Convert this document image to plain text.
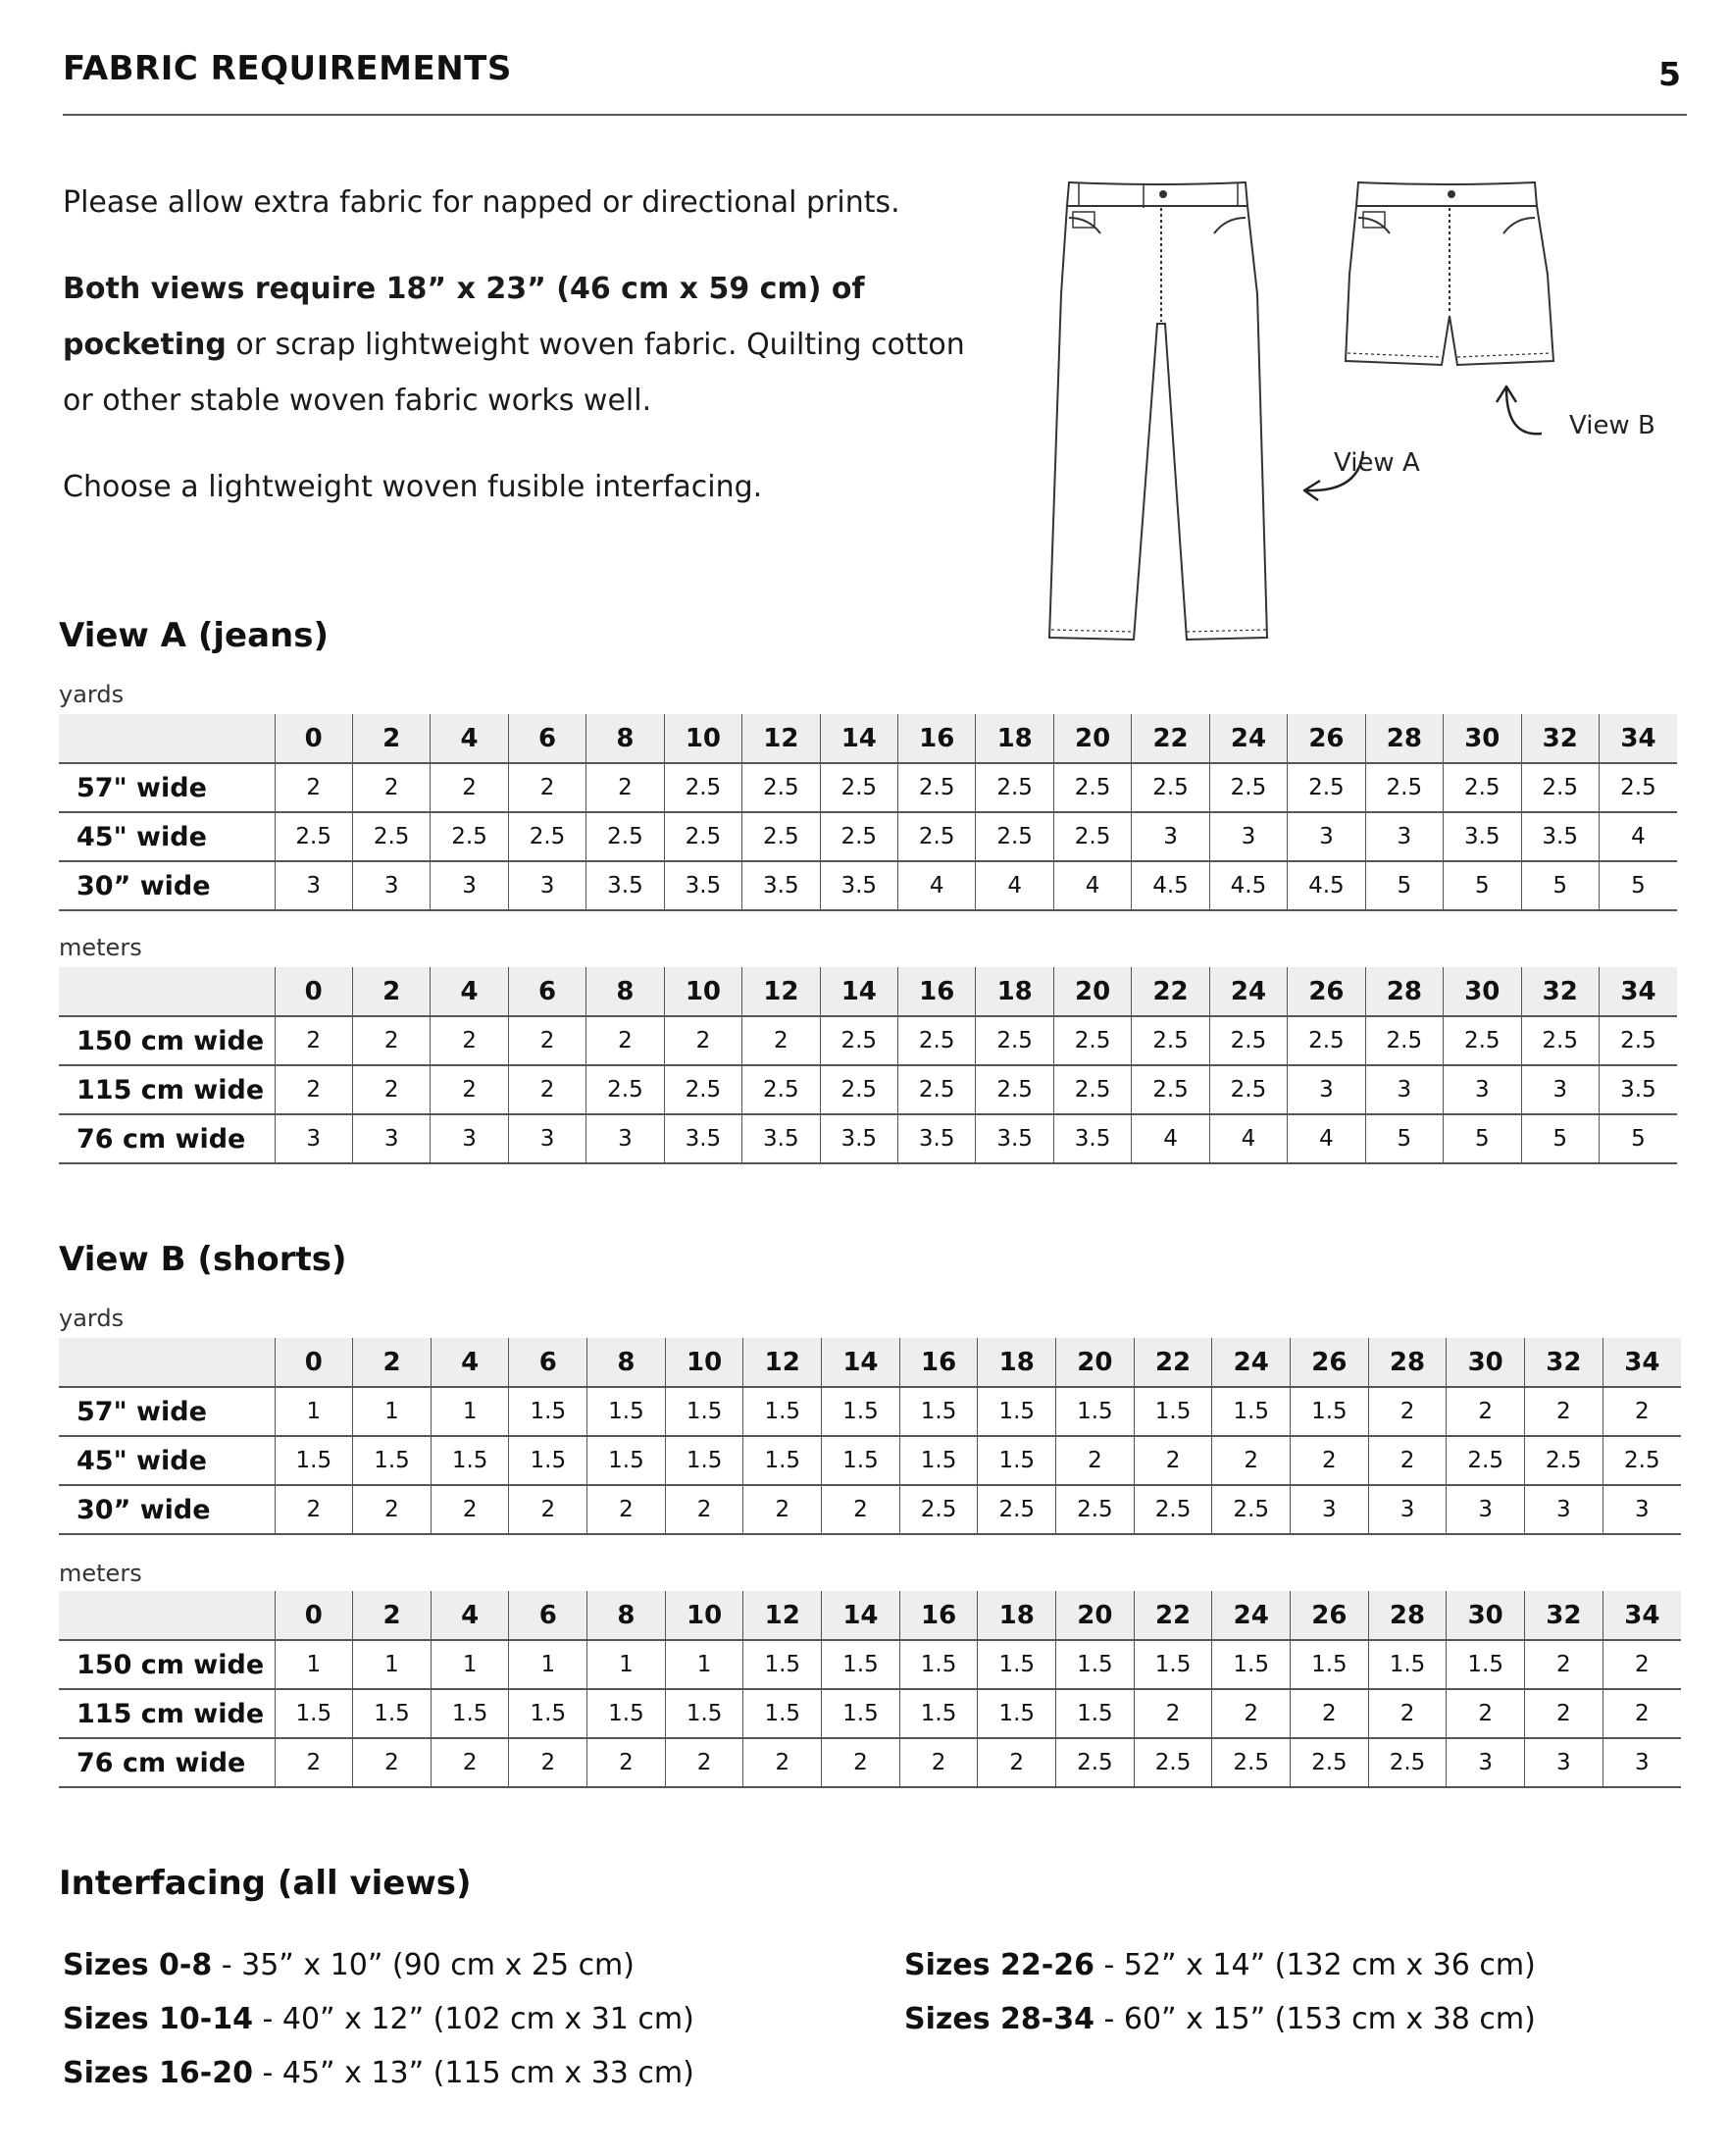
FABRIC REQUIREMENTS	5

Please allow extra fabric for napped or directional prints.

Both views require 18” x 23” (46 cm x 59 cm) of pocketing or scrap lightweight woven fabric. Quilting cotton or other stable woven fabric works well.

Choose a lightweight woven fusible interfacing.

View A
View B
View A (jeans)
yards
	0	2	4	6	8	10	12	14	16	18	20	22	24	26	28	30	32	34
57" wide	2	2	2	2	2	2.5	2.5	2.5	2.5	2.5	2.5	2.5	2.5	2.5	2.5	2.5	2.5	2.5
45" wide	2.5	2.5	2.5	2.5	2.5	2.5	2.5	2.5	2.5	2.5	2.5	3	3	3	3	3.5	3.5	4
30” wide	3	3	3	3	3.5	3.5	3.5	3.5	4	4	4	4.5	4.5	4.5	5	5	5	5
meters
	0	2	4	6	8	10	12	14	16	18	20	22	24	26	28	30	32	34
150 cm wide	2	2	2	2	2	2	2	2.5	2.5	2.5	2.5	2.5	2.5	2.5	2.5	2.5	2.5	2.5
115 cm wide	2	2	2	2	2.5	2.5	2.5	2.5	2.5	2.5	2.5	2.5	2.5	3	3	3	3	3.5
76 cm wide	3	3	3	3	3	3.5	3.5	3.5	3.5	3.5	3.5	4	4	4	5	5	5	5
View B (shorts)
yards
	0	2	4	6	8	10	12	14	16	18	20	22	24	26	28	30	32	34
57" wide	1	1	1	1.5	1.5	1.5	1.5	1.5	1.5	1.5	1.5	1.5	1.5	1.5	2	2	2	2
45" wide	1.5	1.5	1.5	1.5	1.5	1.5	1.5	1.5	1.5	1.5	2	2	2	2	2	2.5	2.5	2.5
30” wide	2	2	2	2	2	2	2	2	2.5	2.5	2.5	2.5	2.5	3	3	3	3	3
meters
	0	2	4	6	8	10	12	14	16	18	20	22	24	26	28	30	32	34
150 cm wide	1	1	1	1	1	1	1.5	1.5	1.5	1.5	1.5	1.5	1.5	1.5	1.5	1.5	2	2
115 cm wide	1.5	1.5	1.5	1.5	1.5	1.5	1.5	1.5	1.5	1.5	1.5	2	2	2	2	2	2	2
76 cm wide	2	2	2	2	2	2	2	2	2	2	2.5	2.5	2.5	2.5	2.5	3	3	3
Interfacing (all views)
Sizes 0-8 - 35” x 10” (90 cm x 25 cm)
Sizes 10-14 - 40” x 12” (102 cm x 31 cm)
Sizes 16-20 - 45” x 13” (115 cm x 33 cm)
Sizes 22-26 - 52” x 14” (132 cm x 36 cm)
Sizes 28-34 - 60” x 15” (153 cm x 38 cm)
